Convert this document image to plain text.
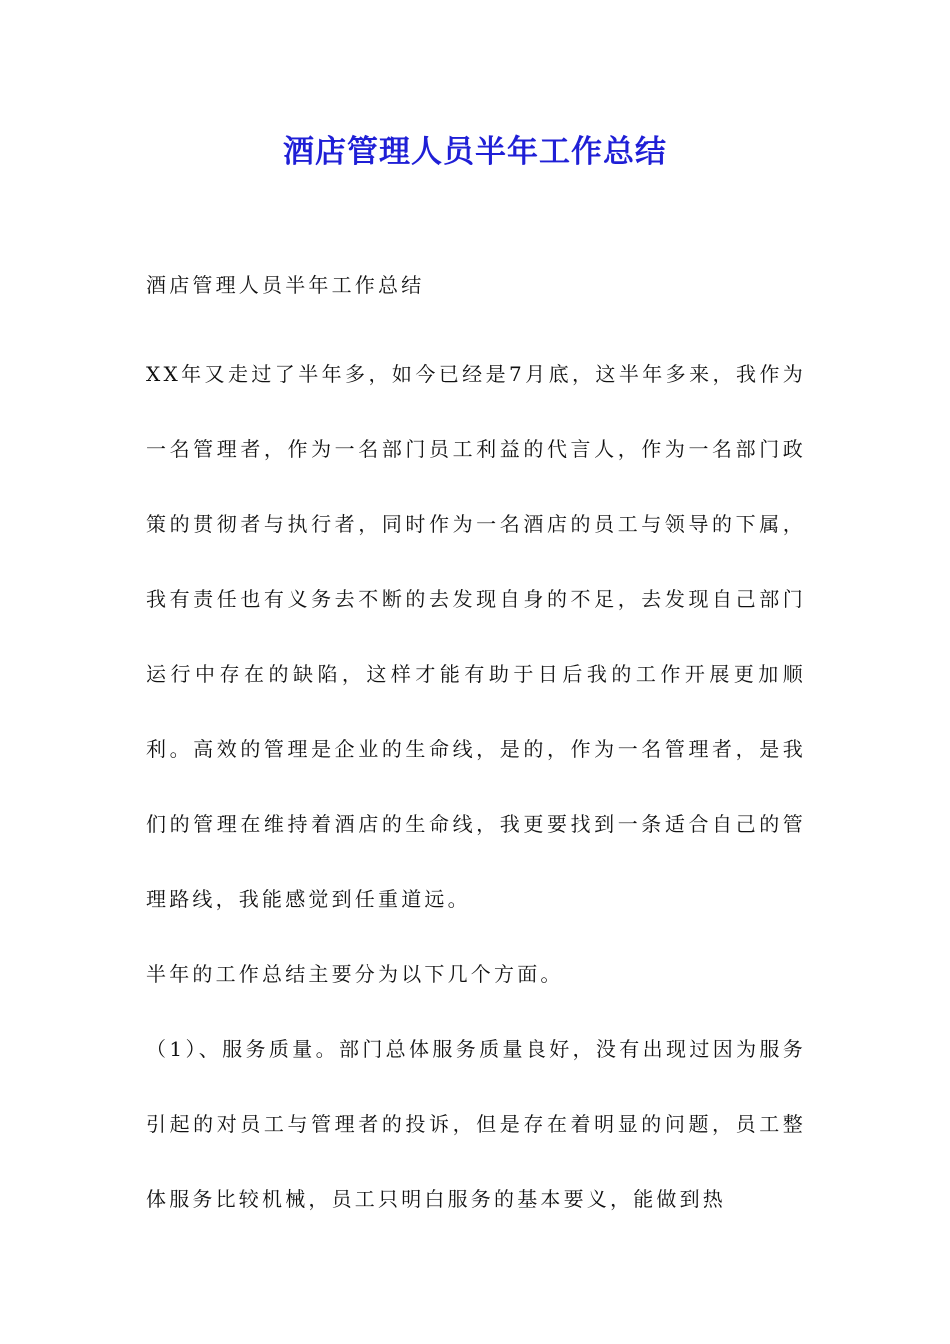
酒店管理人员半年工作总结

酒店管理人员半年工作总结

XX年又走过了半年多，如今已经是7月底，这半年多来，我作为一名管理者，作为一名部门员工利益的代言人，作为一名部门政策的贯彻者与执行者，同时作为一名酒店的员工与领导的下属，我有责任也有义务去不断的去发现自身的不足，去发现自己部门运行中存在的缺陷，这样才能有助于日后我的工作开展更加顺利。高效的管理是企业的生命线，是的，作为一名管理者，是我们的管理在维持着酒店的生命线，我更要找到一条适合自己的管理路线，我能感觉到任重道远。

半年的工作总结主要分为以下几个方面。

（1）、服务质量。部门总体服务质量良好，没有出现过因为服务引起的对员工与管理者的投诉，但是存在着明显的问题，员工整体服务比较机械，员工只明白服务的基本要义，能做到热
